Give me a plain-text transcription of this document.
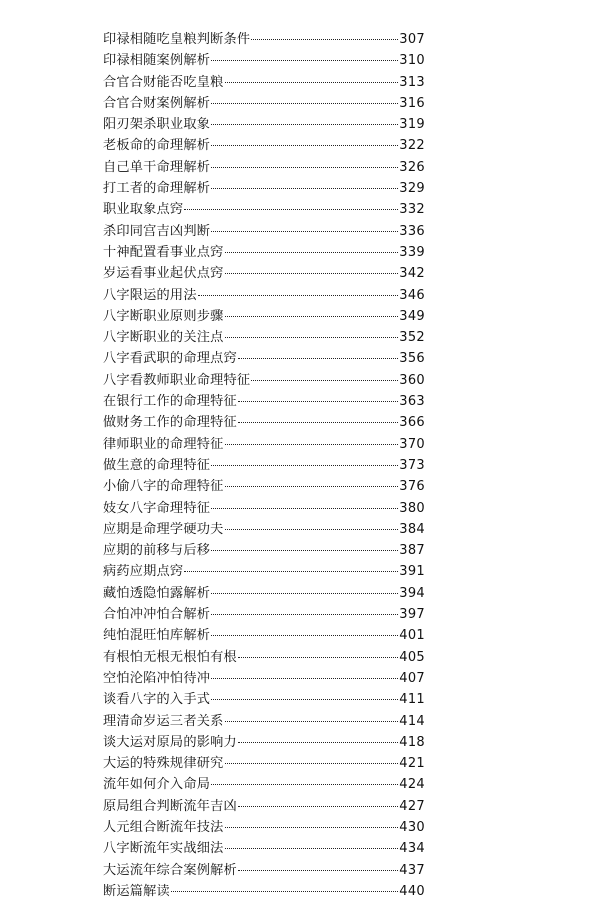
印禄相随吃皇粮判断条件	307
印禄相随案例解析	310
合官合财能否吃皇粮	313
合官合财案例解析	316
阳刃架杀职业取象	319
老板命的命理解析	322
自己单干命理解析	326
打工者的命理解析	329
职业取象点窍	332
杀印同宫吉凶判断	336
十神配置看事业点窍	339
岁运看事业起伏点窍	342
八字限运的用法	346
八字断职业原则步骤	349
八字断职业的关注点	352
八字看武职的命理点窍	356
八字看教师职业命理特征	360
在银行工作的命理特征	363
做财务工作的命理特征	366
律师职业的命理特征	370
做生意的命理特征	373
小偷八字的命理特征	376
妓女八字命理特征	380
应期是命理学硬功夫	384
应期的前移与后移	387
病药应期点窍	391
藏怕透隐怕露解析	394
合怕冲冲怕合解析	397
纯怕混旺怕库解析	401
有根怕无根无根怕有根	405
空怕沦陷冲怕待冲	407
谈看八字的入手式	411
理清命岁运三者关系	414
谈大运对原局的影响力	418
大运的特殊规律研究	421
流年如何介入命局	424
原局组合判断流年吉凶	427
人元组合断流年技法	430
八字断流年实战细法	434
大运流年综合案例解析	437
断运篇解读	440
